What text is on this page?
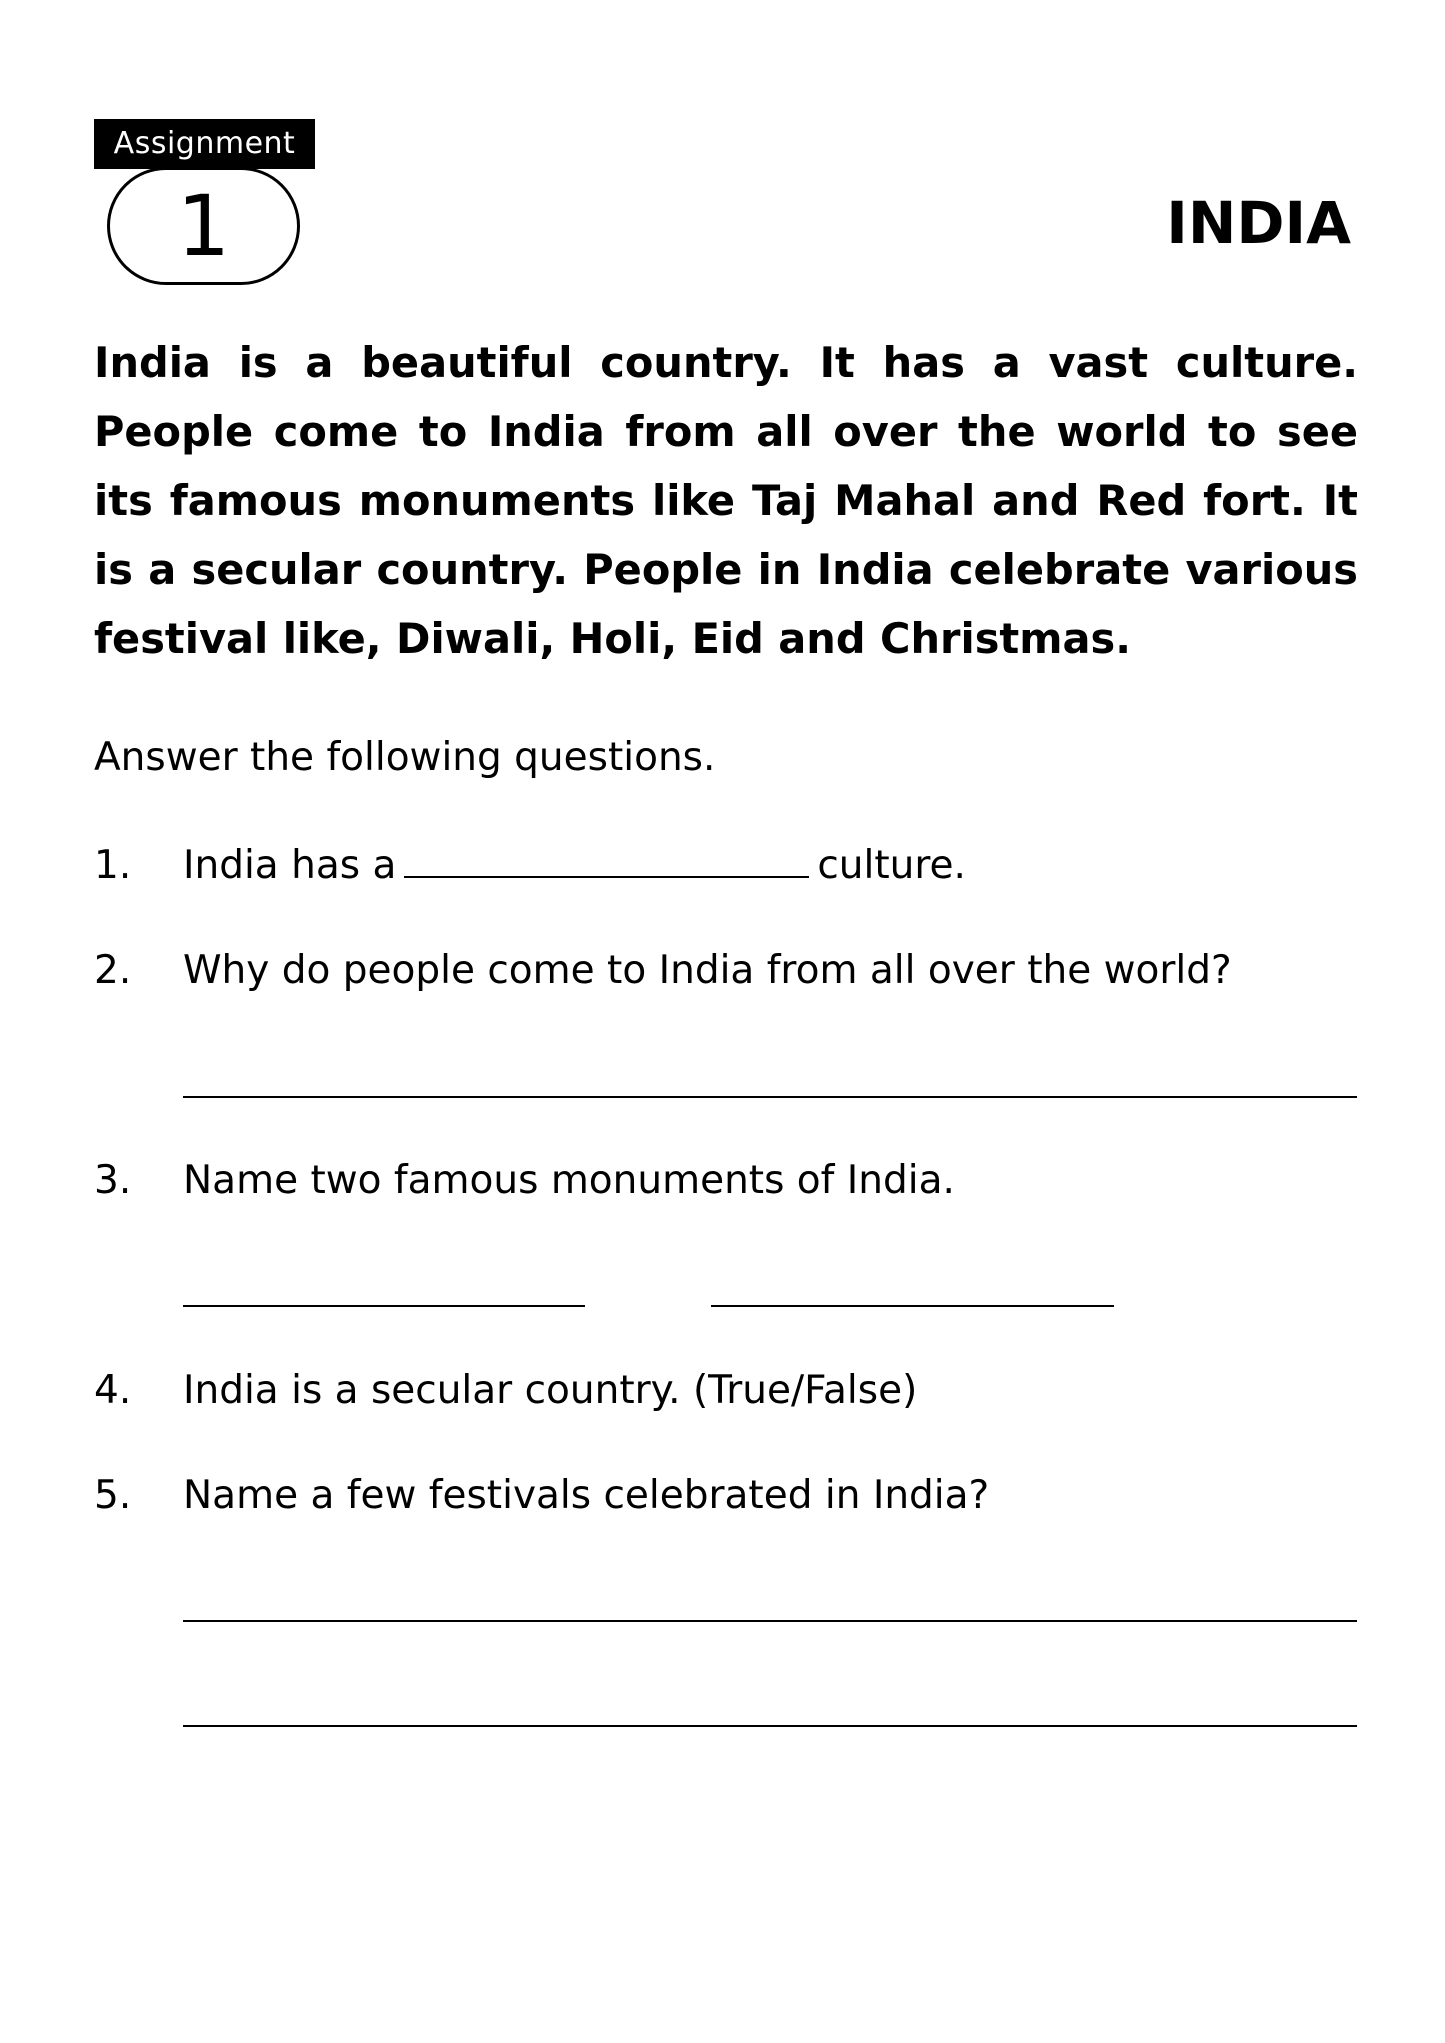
Assignment
1	INDIA

India is a beautiful country. It has a vast culture. People come to India from all over the world to see its famous monuments like Taj Mahal and Red fort. It is a secular country. People in India celebrate various festival like, Diwali, Holi, Eid and Christmas.

Answer the following questions.

1. India has a	culture.
2. Why do people come to India from all over the world?
3. Name two famous monuments of India.
4. India is a secular country. (True/False)
5. Name a few festivals celebrated in India?
